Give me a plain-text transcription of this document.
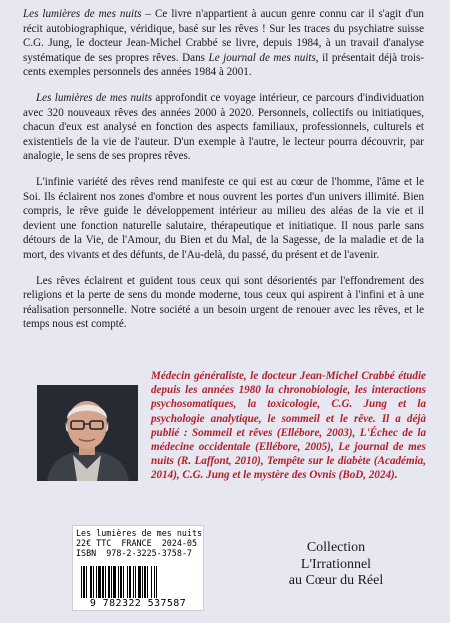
Les lumières de mes nuits – Ce livre n'appartient à aucun genre connu car il s'agit d'un récit autobiographique, véridique, basé sur les rêves ! Sur les traces du psychiatre suisse C.G. Jung, le docteur Jean-Michel Crabbé se livre, depuis 1984, à un travail d'analyse systématique de ses propres rêves. Dans Le journal de mes nuits, il présentait déjà trois-cents exemples personnels des années 1984 à 2001.

Les lumières de mes nuits approfondit ce voyage intérieur, ce parcours d'individuation avec 320 nouveaux rêves des années 2000 à 2020. Personnels, collectifs ou initiatiques, chacun d'eux est analysé en fonction des aspects familiaux, professionnels, culturels et existentiels de la vie de l'auteur. D'un exemple à l'autre, le lecteur pourra découvrir, par analogie, le sens de ses propres rêves.

L'infinie variété des rêves rend manifeste ce qui est au cœur de l'homme, l'âme et le Soi. Ils éclairent nos zones d'ombre et nous ouvrent les portes d'un univers illimité. Bien compris, le rêve guide le développement intérieur au milieu des aléas de la vie et il devient une fonction naturelle salutaire, thérapeutique et initiatique. Il nous parle sans détours de la Vie, de l'Amour, du Bien et du Mal, de la Sagesse, de la maladie et de la mort, des vivants et des défunts, de l'Au-delà, du passé, du présent et de l'avenir.

Les rêves éclairent et guident tous ceux qui sont désorientés par l'effondrement des religions et la perte de sens du monde moderne, tous ceux qui aspirent à l'infini et à une réalisation personnelle. Notre société a un besoin urgent de renouer avec les rêves, et le temps nous est compté.

Médecin généraliste, le docteur Jean-Michel Crabbé étudie depuis les années 1980 la chronobiologie, les interactions psychosomatiques, la toxicologie, C.G. Jung et la psychologie analytique, le sommeil et le rêve. Il a déjà publié : Sommeil et rêves (Ellébore, 2003), L'Échec de la médecine occidentale (Ellébore, 2005), Le journal de mes nuits (R. Laffont, 2010), Tempête sur le diabète (Académia, 2014), C.G. Jung et le mystère des Ovnis (BoD, 2024).
Les lumières de mes nuits
22€ TTC  FRANCE  2024-05
ISBN  978-2-3225-3758-7
9 782322 537587
Collection
L'Irrationnel
au Cœur du Réel
